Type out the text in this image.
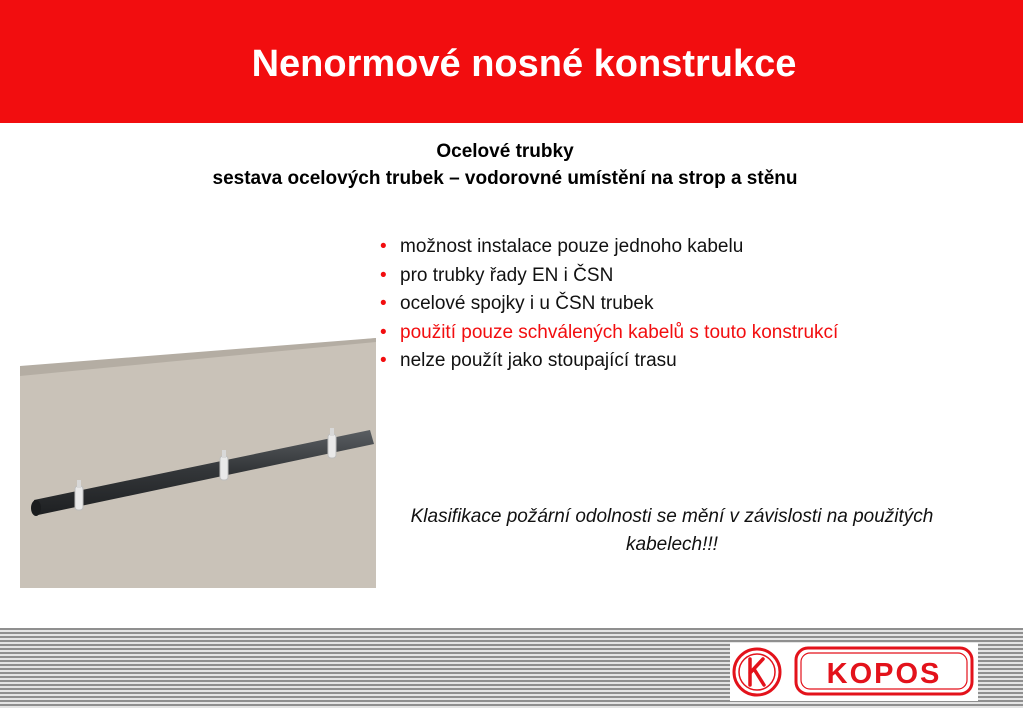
Nenormové nosné konstrukce
Ocelové trubky
sestava ocelových trubek – vodorovné umístění na strop a stěnu
• možnost instalace pouze jednoho kabelu
• pro trubky řady EN i ČSN
• ocelové spojky i u ČSN trubek
• použití pouze schválených kabelů s touto konstrukcí
• nelze použít jako stoupající trasu
Klasifikace požární odolnosti se mění v závislosti na použitých kabelech!!!
KOPOS
